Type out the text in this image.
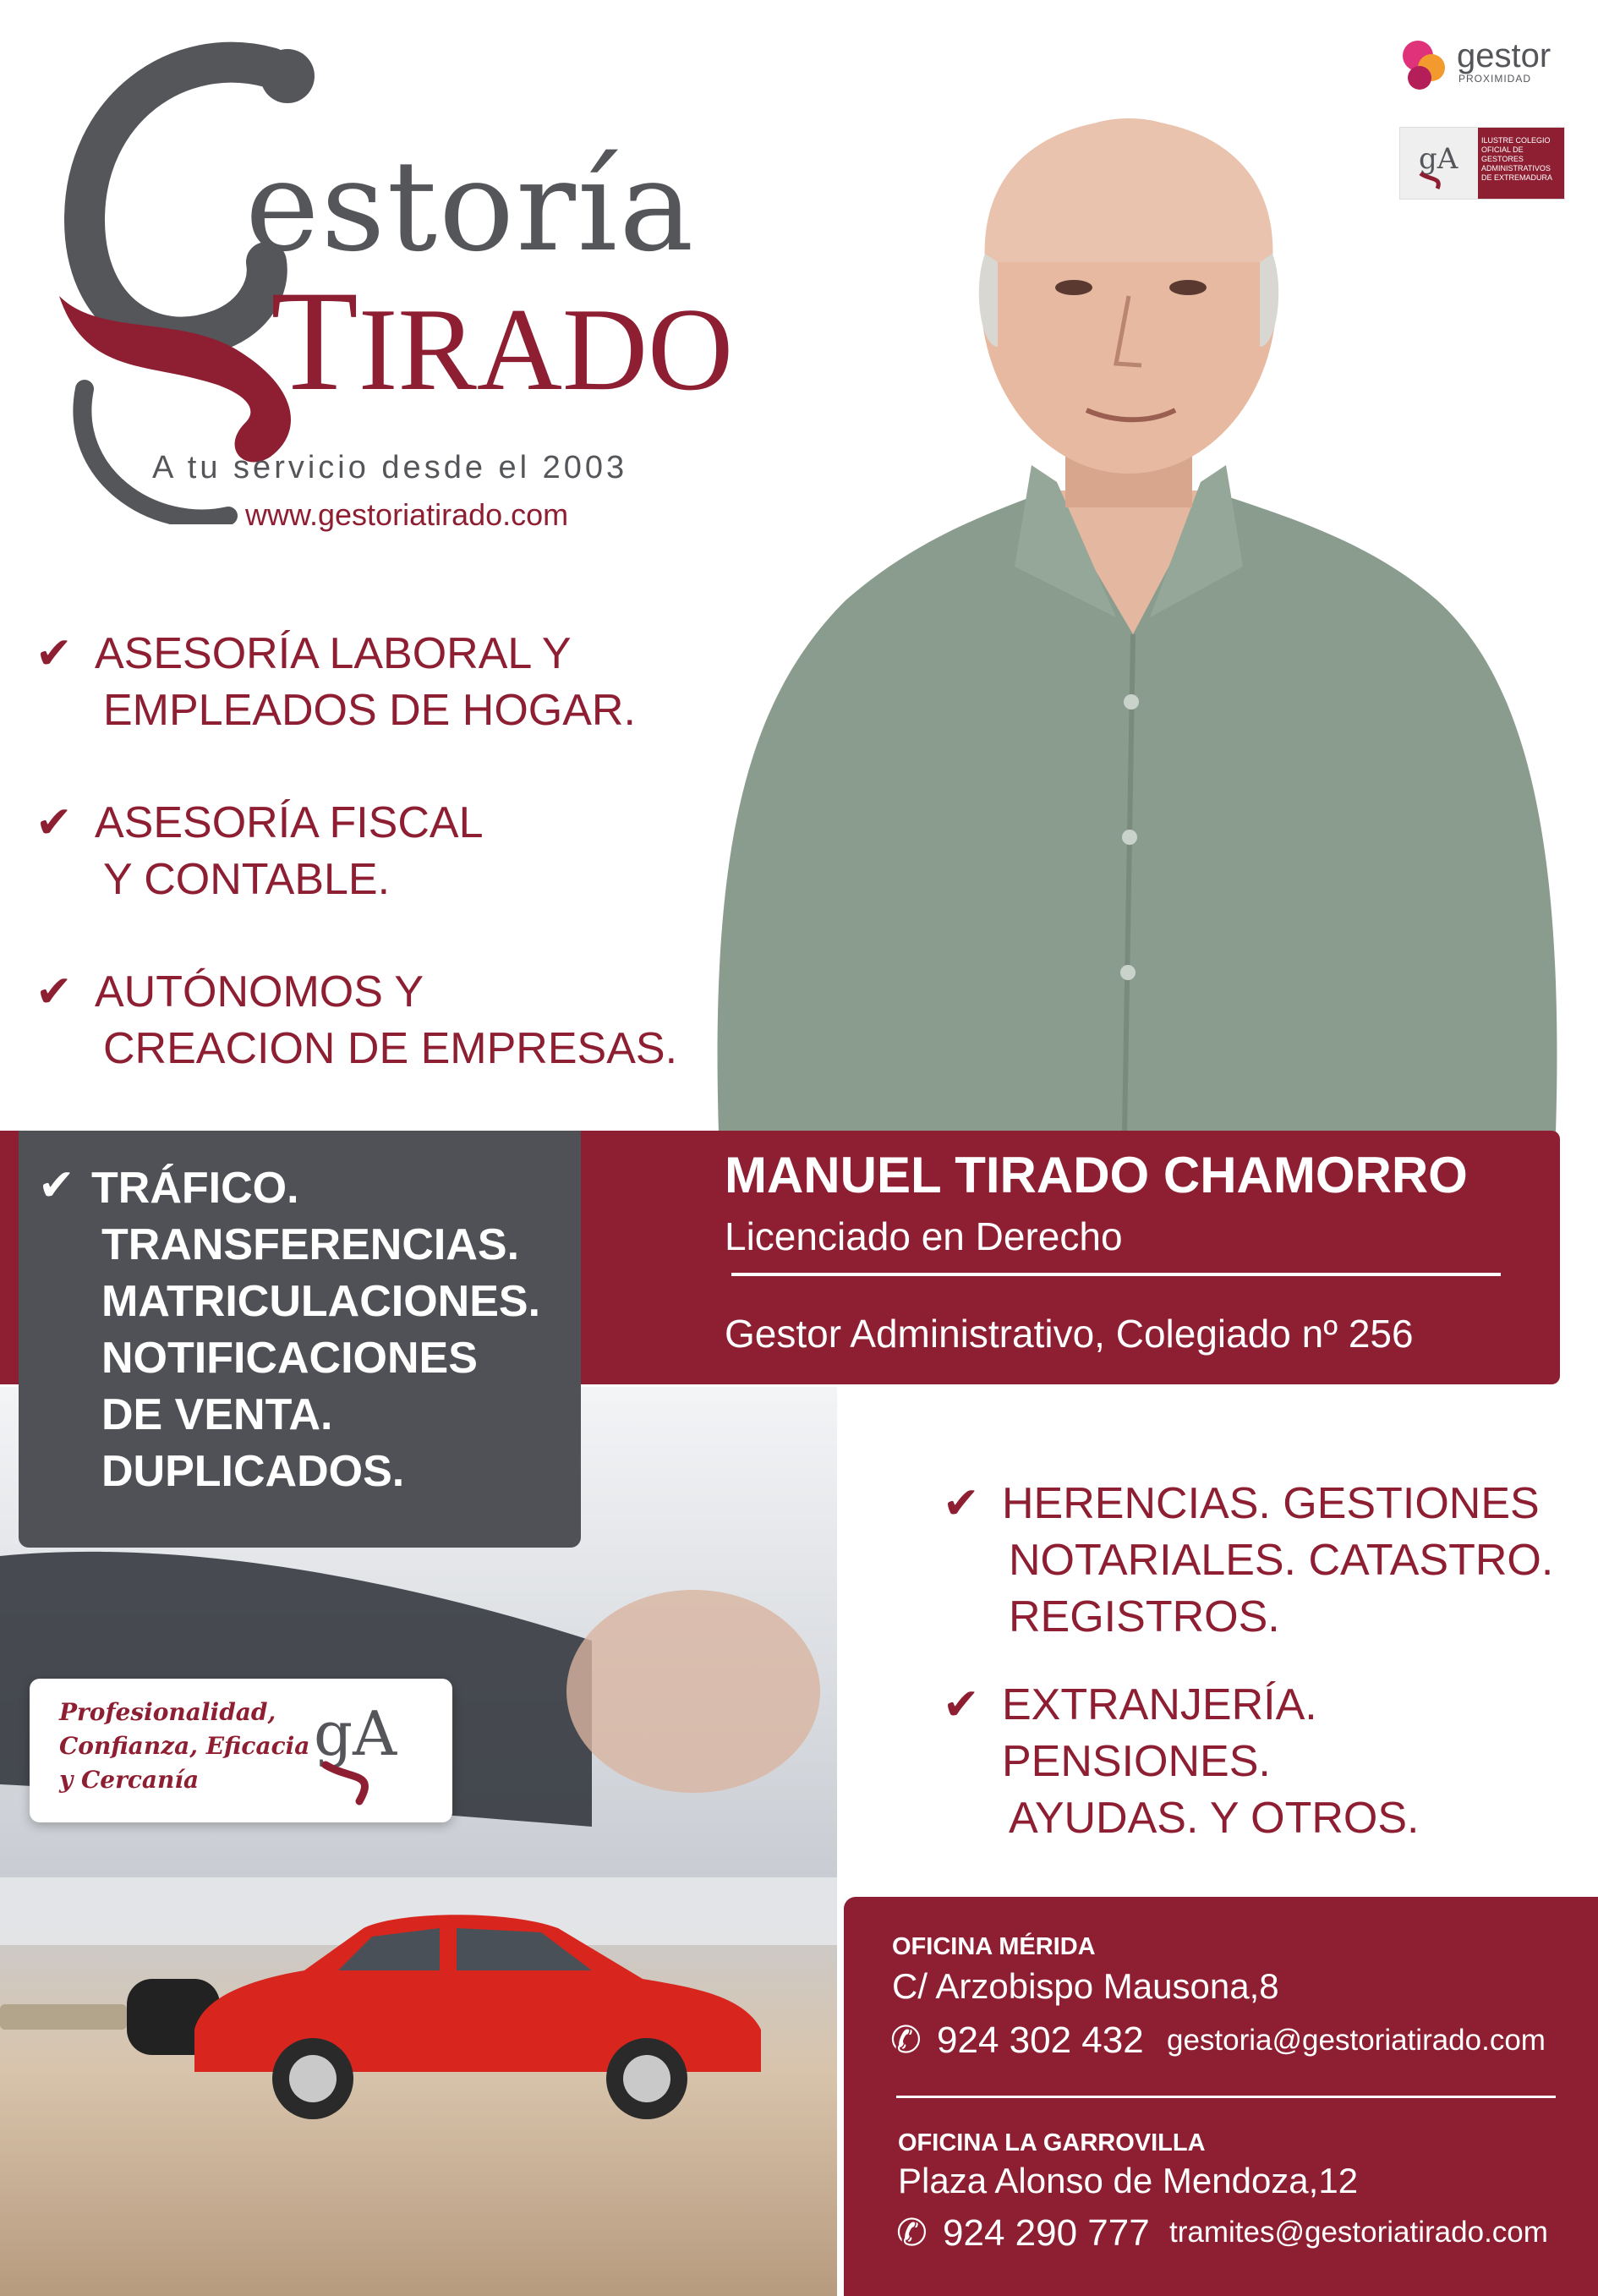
estoría
TIRADO
A tu servicio desde el 2003
www.gestoriatirado.com
gestor
PROXIMIDAD
gA
ILUSTRE COLEGIO OFICIAL DE GESTORES ADMINISTRATIVOS DE EXTREMADURA
✔ ASESORÍA LABORAL Y
EMPLEADOS DE HOGAR.
✔ ASESORÍA FISCAL
Y CONTABLE.
✔ AUTÓNOMOS Y
CREACION DE EMPRESAS.
MANUEL TIRADO CHAMORRO
Licenciado en Derecho
Gestor Administrativo, Colegiado nº 256
✔ TRÁFICO.
TRANSFERENCIAS.
MATRICULACIONES.
NOTIFICACIONES
DE VENTA.
DUPLICADOS.
Profesionalidad,
Confianza, Eficacia
y Cercanía
gA
✔ HERENCIAS. GESTIONES
NOTARIALES. CATASTRO.
REGISTROS.
✔ EXTRANJERÍA. PENSIONES.
AYUDAS. Y OTROS.
OFICINA MÉRIDA
C/ Arzobispo Mausona,8
✆ 924 302 432 gestoria@gestoriatirado.com
OFICINA LA GARROVILLA
Plaza Alonso de Mendoza,12
✆ 924 290 777 tramites@gestoriatirado.com
